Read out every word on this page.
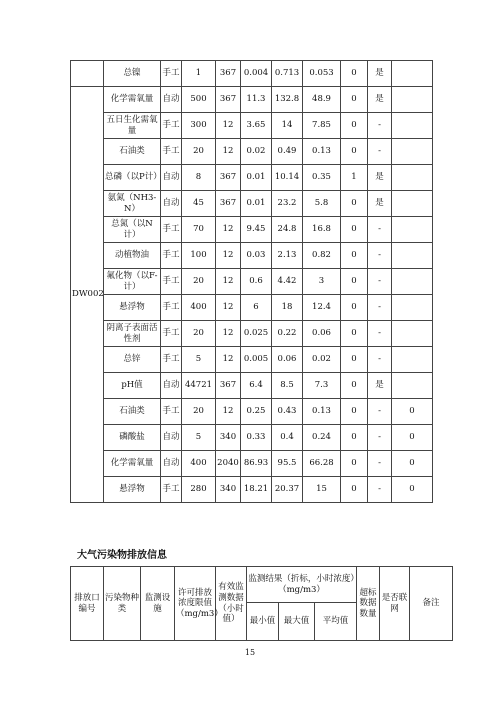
	总镍	手工	1	367	0.004	0.713	0.053	0	是	
DW002	化学需氧量	自动	500	367	11.3	132.8	48.9	0	是	
	五日生化需氧量	手工	300	12	3.65	14	7.85	0	-	
	石油类	手工	20	12	0.02	0.49	0.13	0	-	
	总磷（以P计）	自动	8	367	0.01	10.14	0.35	1	是	
	氨氮（NH3-N）	自动	45	367	0.01	23.2	5.8	0	是	
	总氮（以N计）	手工	70	12	9.45	24.8	16.8	0	-	
	动植物油	手工	100	12	0.03	2.13	0.82	0	-	
	氟化物（以F-计）	手工	20	12	0.6	4.42	3	0	-	
	悬浮物	手工	400	12	6	18	12.4	0	-	
	阴离子表面活性剂	手工	20	12	0.025	0.22	0.06	0	-	
	总锌	手工	5	12	0.005	0.06	0.02	0	-	
	pH值	自动	44721	367	6.4	8.5	7.3	0	是	
	石油类	手工	20	12	0.25	0.43	0.13	0	-	0
	磷酸盐	自动	5	340	0.33	0.4	0.24	0	-	0
	化学需氧量	自动	400	2040	86.93	95.5	66.28	0	-	0
	悬浮物	手工	280	340	18.21	20.37	15	0	-	0
大气污染物排放信息
排放口编号	污染物种类	监测设施	许可排放浓度限值（mg/m3）	有效监测数据（小时值）	监测结果（折标，小时浓度）（mg/m3）			超标数据数量	是否联网	备注
					最小值	最大值	平均值			
15
